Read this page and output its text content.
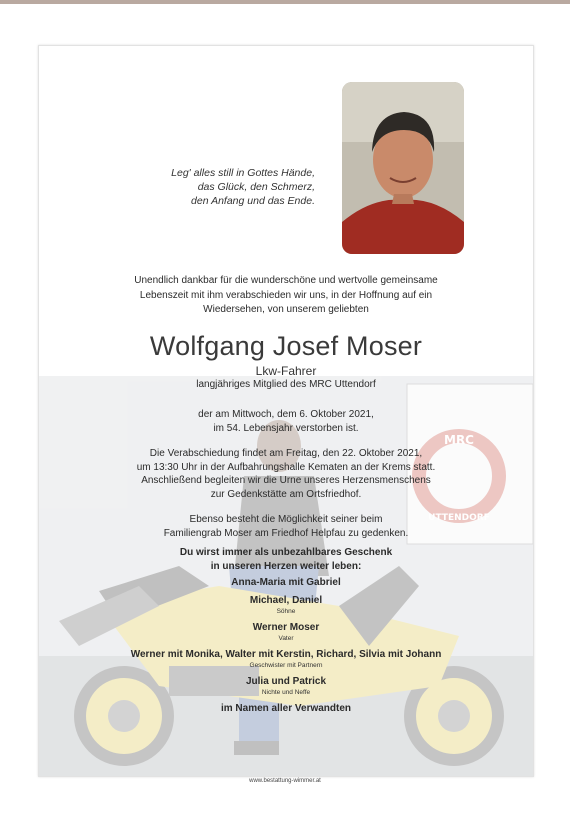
MRC
UTTENDORF
Leg' alles still in Gottes Hände,
das Glück, den Schmerz,
den Anfang und das Ende.
Unendlich dankbar für die wunderschöne und wertvolle gemeinsame
Lebenszeit mit ihm verabschieden wir uns, in der Hoffnung auf ein
Wiedersehen, von unserem geliebten
Wolfgang Josef Moser
Lkw-Fahrer
langjähriges Mitglied des MRC Uttendorf
der am Mittwoch, dem 6. Oktober 2021,
im 54. Lebensjahr verstorben ist.
Die Verabschiedung findet am Freitag, den 22. Oktober 2021,
um 13:30 Uhr in der Aufbahrungshalle Kematen an der Krems statt.
Anschließend begleiten wir die Urne unseres Herzensmenschens
zur Gedenkstätte am Ortsfriedhof.
Ebenso besteht die Möglichkeit seiner beim
Familiengrab Moser am Friedhof Helpfau zu gedenken.
Du wirst immer als unbezahlbares Geschenk
in unseren Herzen weiter leben:
Anna-Maria mit Gabriel
Michael, Daniel
Söhne
Werner Moser
Vater
Werner mit Monika, Walter mit Kerstin, Richard, Silvia mit Johann
Geschwister mit Partnern
Julia und Patrick
Nichte und Neffe
im Namen aller Verwandten
www.bestattung-wimmer.at
